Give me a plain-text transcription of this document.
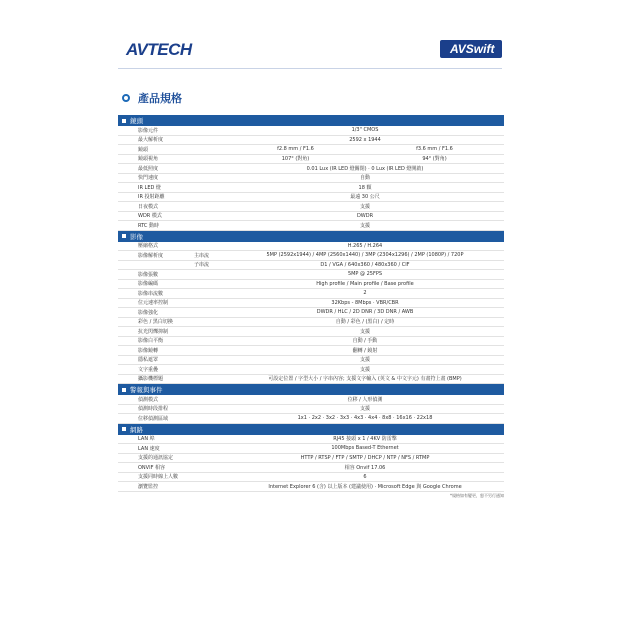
AVTECH	AVSwift
產品規格
鏡頭
影像元件	1/3" CMOS
最大解析度	2592 x 1944
鏡頭	f2.8 mm / F1.6	f3.6 mm / F1.6
鏡頭視角	107° (對角)	94° (對角)
最低照度	0.01 Lux (IR LED 燈關閉) · 0 Lux (IR LED 燈開啟)
快門速度	自動
IR LED 燈	18 顆
IR 投射距離	最遠 30 公尺
日夜模式	支援
WDR 模式	DWDR
RTC 動時	支援
影像
壓縮格式	H.265 / H.264
影像解析度	主串流	5MP (2592x1944) / 4MP (2560x1440) / 3MP (2304x1296) / 2MP (1080P) / 720P
子串流	D1 / VGA / 640x360 / 480x360 / CIF
影像張數	5MP @ 25FPS
影像編碼	High profile / Main profile / Base profile
影像串流數	2
位元速率控制	32Kbps - 8Mbps · VBR/CBR
影像強化	DWDR / HLC / 2D DNR / 3D DNR / AWB
彩色 / 黑白切換	自動 / 彩色 / (黑白) / 定時
抗光閃爍抑制	支援
影像白平衡	自動 / 手動
影像鏡轉	翻轉 / 鏡射
隱私遮罩	支援
文字重疊	支援
攝影機標題	可設定位置 / 字型大小 / 字串內容; 支援文字輸入 (英文 & 中文字元) 有畫符上畫 (BMP)
警報與事件
偵測模式	位移 / 人形偵測
偵測時段排程	支援
位移偵測區域	1x1 · 2x2 · 3x2 · 3x3 · 4x3 · 4x4 · 8x8 · 16x16 · 22x18
網路
LAN 埠	RJ45 接頭 x 1 / 4KV 防雷擊
LAN 速度	100Mbps Based-T Ethernet
支援的通訊協定	HTTP / RTSP / FTP / SMTP / DHCP / NTP / NFS / RTMP
ONVIF 相容	相容 Onvif 17.06
支援同時線上人數	6
瀏覽監控	Internet Explorer 6 (含) 以上版本 (建議使用) · Microsoft Edge 與 Google Chrome
*規格如有變更，恕不另行通知
